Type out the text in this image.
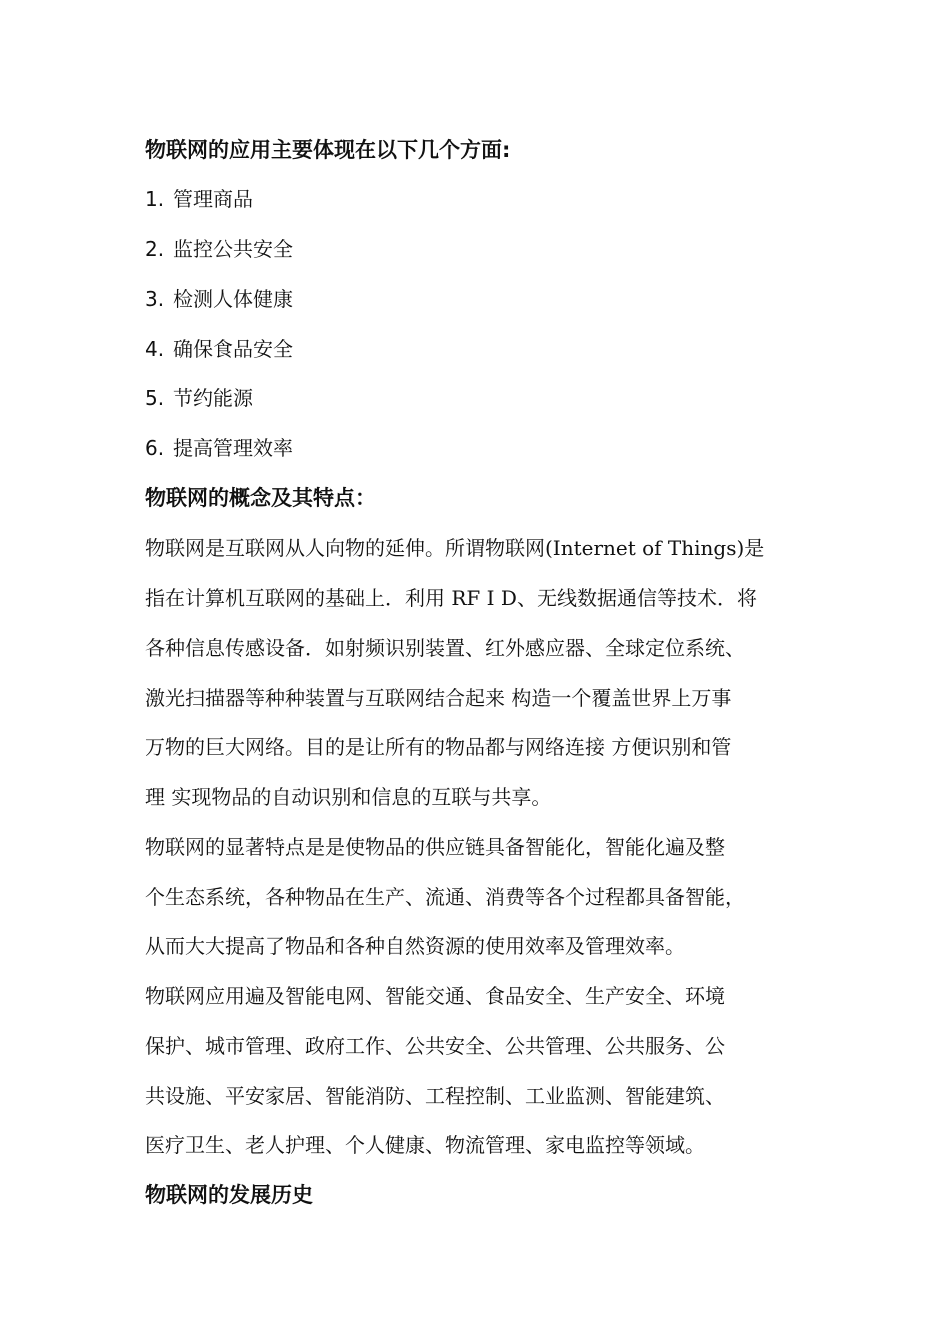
物联网的应用主要体现在以下几个方面:
1. 管理商品
2. 监控公共安全
3. 检测人体健康
4. 确保食品安全
5. 节约能源
6. 提高管理效率
物联网的概念及其特点：
物联网是互联网从人向物的延伸。所谓物联网(Internet of Things)是
指在计算机互联网的基础上．利用 RF I D、无线数据通信等技术．将
各种信息传感设备．如射频识别装置、红外感应器、全球定位系统、
激光扫描器等种种装置与互联网结合起来 构造一个覆盖世界上万事
万物的巨大网络。目的是让所有的物品都与网络连接 方便识别和管
理 实现物品的自动识别和信息的互联与共享。
物联网的显著特点是是使物品的供应链具备智能化，智能化遍及整
个生态系统，各种物品在生产、流通、消费等各个过程都具备智能，
从而大大提高了物品和各种自然资源的使用效率及管理效率。
物联网应用遍及智能电网、智能交通、食品安全、生产安全、环境
保护、城市管理、政府工作、公共安全、公共管理、公共服务、公
共设施、平安家居、智能消防、工程控制、工业监测、智能建筑、
医疗卫生、老人护理、个人健康、物流管理、家电监控等领域。
物联网的发展历史
